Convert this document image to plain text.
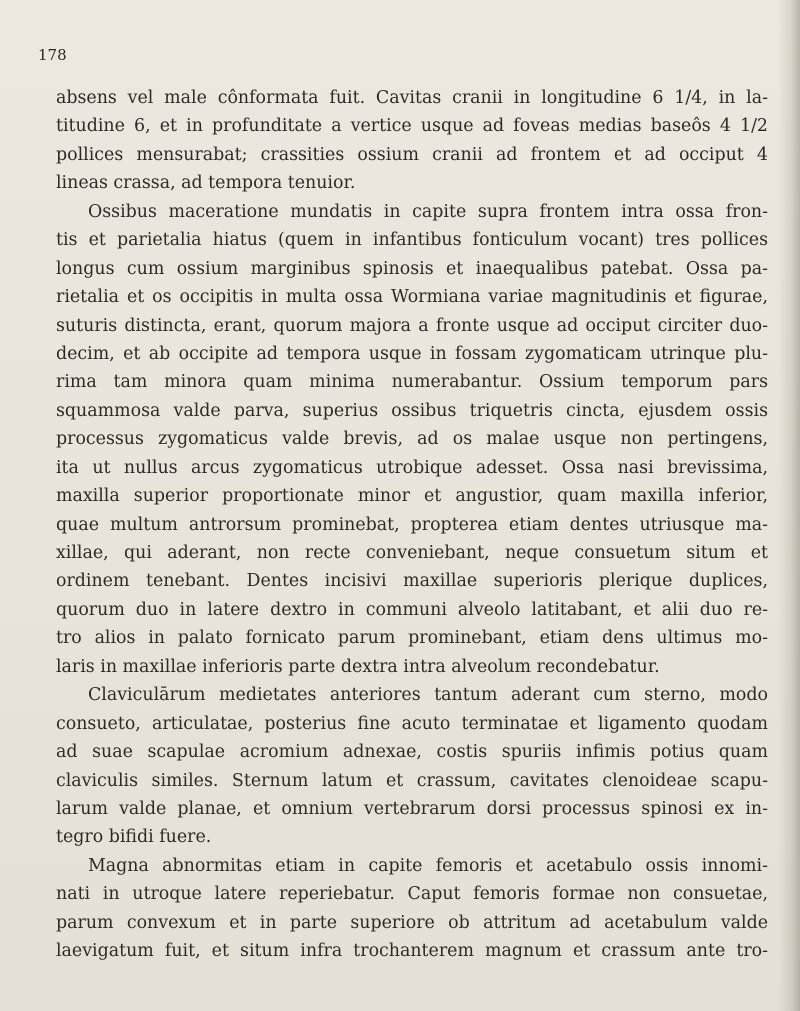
178
absens vel male cônformata fuit. Cavitas cranii in longitudine 6 1/4, in la-
titudine 6, et in profunditate a vertice usque ad foveas medias baseôs 4 1/2
pollices mensurabat; crassities ossium cranii ad frontem et ad occiput 4
lineas crassa, ad tempora tenuior.
Ossibus maceratione mundatis in capite supra frontem intra ossa fron-
tis et parietalia hiatus (quem in infantibus fonticulum vocant) tres pollices
longus cum ossium marginibus spinosis et inaequalibus patebat. Ossa pa-
rietalia et os occipitis in multa ossa Wormiana variae magnitudinis et figurae,
suturis distincta, erant, quorum majora a fronte usque ad occiput circiter duo-
decim, et ab occipite ad tempora usque in fossam zygomaticam utrinque plu-
rima tam minora quam minima numerabantur. Ossium temporum pars
squammosa valde parva, superius ossibus triquetris cincta, ejusdem ossis
processus zygomaticus valde brevis, ad os malae usque non pertingens,
ita ut nullus arcus zygomaticus utrobique adesset. Ossa nasi brevissima,
maxilla superior proportionate minor et angustior, quam maxilla inferior,
quae multum antrorsum prominebat, propterea etiam dentes utriusque ma-
xillae, qui aderant, non recte conveniebant, neque consuetum situm et
ordinem tenebant. Dentes incisivi maxillae superioris plerique duplices,
quorum duo in latere dextro in communi alveolo latitabant, et alii duo re-
tro alios in palato fornicato parum prominebant, etiam dens ultimus mo-
laris in maxillae inferioris parte dextra intra alveolum recondebatur.
Claviculārum medietates anteriores tantum aderant cum sterno, modo
consueto, articulatae, posterius fine acuto terminatae et ligamento quodam
ad suae scapulae acromium adnexae, costis spuriis infimis potius quam
claviculis similes. Sternum latum et crassum, cavitates clenoideae scapu-
larum valde planae, et omnium vertebrarum dorsi processus spinosi ex in-
tegro bifidi fuere.
Magna abnormitas etiam in capite femoris et acetabulo ossis innomi-
nati in utroque latere reperiebatur. Caput femoris formae non consuetae,
parum convexum et in parte superiore ob attritum ad acetabulum valde
laevigatum fuit, et situm infra trochanterem magnum et crassum ante tro-
